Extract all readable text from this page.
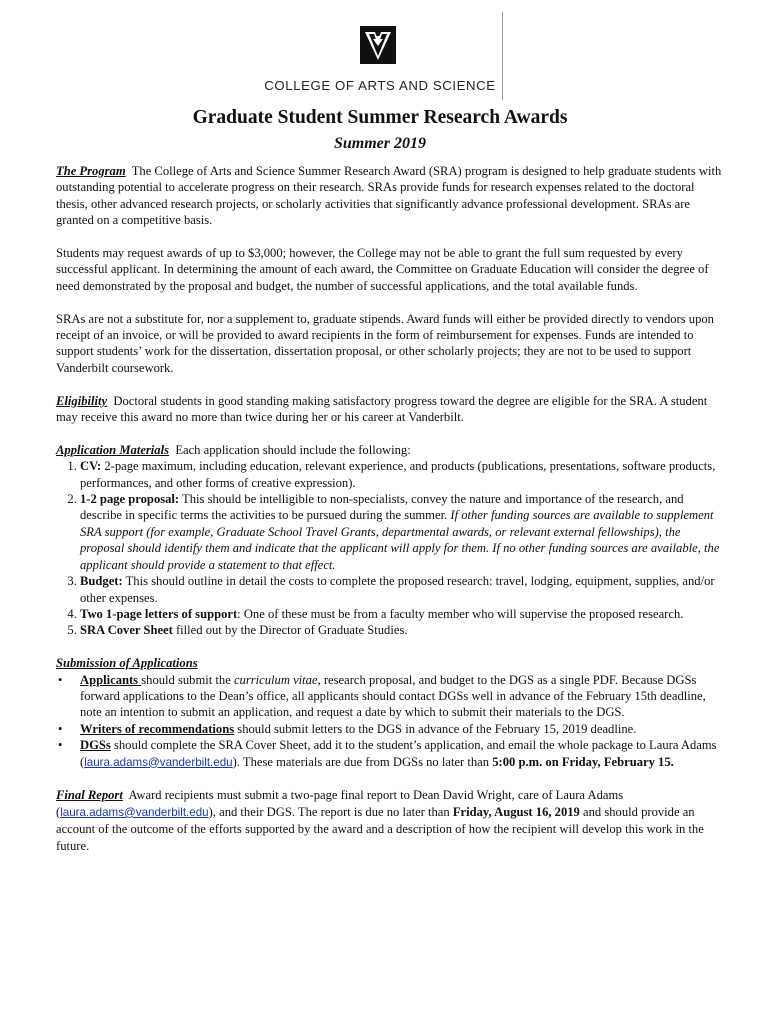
COLLEGE OF ARTS AND SCIENCE
Graduate Student Summer Research Awards
Summer 2019

The Program The College of Arts and Science Summer Research Award (SRA) program is designed to help graduate students with outstanding potential to accelerate progress on their research. SRAs provide funds for research expenses related to the doctoral thesis, other advanced research projects, or scholarly activities that significantly advance professional development. SRAs are granted on a competitive basis.

Students may request awards of up to $3,000; however, the College may not be able to grant the full sum requested by every successful applicant. In determining the amount of each award, the Committee on Graduate Education will consider the degree of need demonstrated by the proposal and budget, the number of successful applications, and the total available funds.

SRAs are not a substitute for, nor a supplement to, graduate stipends. Award funds will either be provided directly to vendors upon receipt of an invoice, or will be provided to award recipients in the form of reimbursement for expenses. Funds are intended to support students’ work for the dissertation, dissertation proposal, or other scholarly projects; they are not to be used to support Vanderbilt coursework.

Eligibility Doctoral students in good standing making satisfactory progress toward the degree are eligible for the SRA. A student may receive this award no more than twice during her or his career at Vanderbilt.

Application Materials Each application should include the following:
1. CV: 2-page maximum, including education, relevant experience, and products (publications, presentations, software products, performances, and other forms of creative expression).
2. 1-2 page proposal: This should be intelligible to non-specialists, convey the nature and importance of the research, and describe in specific terms the activities to be pursued during the summer. If other funding sources are available to supplement SRA support (for example, Graduate School Travel Grants, departmental awards, or relevant external fellowships), the proposal should identify them and indicate that the applicant will apply for them. If no other funding sources are available, the applicant should provide a statement to that effect.
3. Budget: This should outline in detail the costs to complete the proposed research: travel, lodging, equipment, supplies, and/or other expenses.
4. Two 1-page letters of support: One of these must be from a faculty member who will supervise the proposed research.
5. SRA Cover Sheet filled out by the Director of Graduate Studies.
Submission of Applications
• Applicants should submit the curriculum vitae, research proposal, and budget to the DGS as a single PDF. Because DGSs forward applications to the Dean’s office, all applicants should contact DGSs well in advance of the February 15th deadline, note an intention to submit an application, and request a date by which to submit their materials to the DGS.
• Writers of recommendations should submit letters to the DGS in advance of the February 15, 2019 deadline.
• DGSs should complete the SRA Cover Sheet, add it to the student’s application, and email the whole package to Laura Adams (laura.adams@vanderbilt.edu). These materials are due from DGSs no later than 5:00 p.m. on Friday, February 15.

Final Report Award recipients must submit a two-page final report to Dean David Wright, care of Laura Adams (laura.adams@vanderbilt.edu), and their DGS. The report is due no later than Friday, August 16, 2019 and should provide an account of the outcome of the efforts supported by the award and a description of how the recipient will develop this work in the future.
